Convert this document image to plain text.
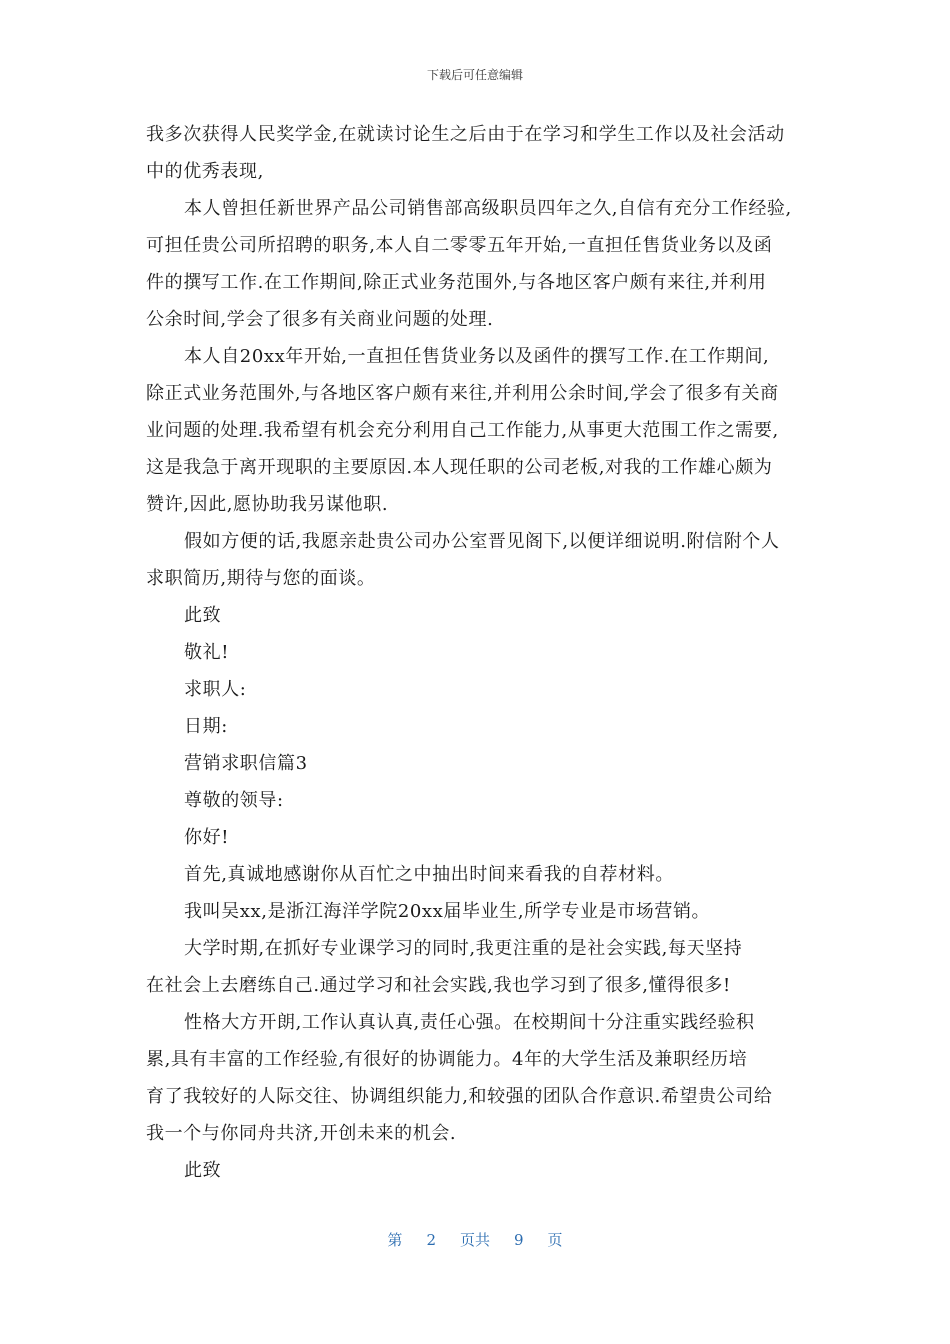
下载后可任意编辑
我多次获得人民奖学金,在就读讨论生之后由于在学习和学生工作以及社会活动
中的优秀表现,
本人曾担任新世界产品公司销售部高级职员四年之久,自信有充分工作经验,
可担任贵公司所招聘的职务,本人自二零零五年开始,一直担任售货业务以及函
件的撰写工作.在工作期间,除正式业务范围外,与各地区客户颇有来往,并利用
公余时间,学会了很多有关商业问题的处理.
本人自20xx年开始,一直担任售货业务以及函件的撰写工作.在工作期间,
除正式业务范围外,与各地区客户颇有来往,并利用公余时间,学会了很多有关商
业问题的处理.我希望有机会充分利用自己工作能力,从事更大范围工作之需要,
这是我急于离开现职的主要原因.本人现任职的公司老板,对我的工作雄心颇为
赞许,因此,愿协助我另谋他职.
假如方便的话,我愿亲赴贵公司办公室晋见阁下,以便详细说明.附信附个人
求职简历,期待与您的面谈。
此致
敬礼!
求职人:
日期:
营销求职信篇3
尊敬的领导:
你好!
首先,真诚地感谢你从百忙之中抽出时间来看我的自荐材料。
我叫吴xx,是浙江海洋学院20xx届毕业生,所学专业是市场营销。
大学时期,在抓好专业课学习的同时,我更注重的是社会实践,每天坚持
在社会上去磨练自己.通过学习和社会实践,我也学习到了很多,懂得很多!
性格大方开朗,工作认真认真,责任心强。在校期间十分注重实践经验积
累,具有丰富的工作经验,有很好的协调能力。4年的大学生活及兼职经历培
育了我较好的人际交往、协调组织能力,和较强的团队合作意识.希望贵公司给
我一个与你同舟共济,开创未来的机会.
此致
第 2 页共 9 页
